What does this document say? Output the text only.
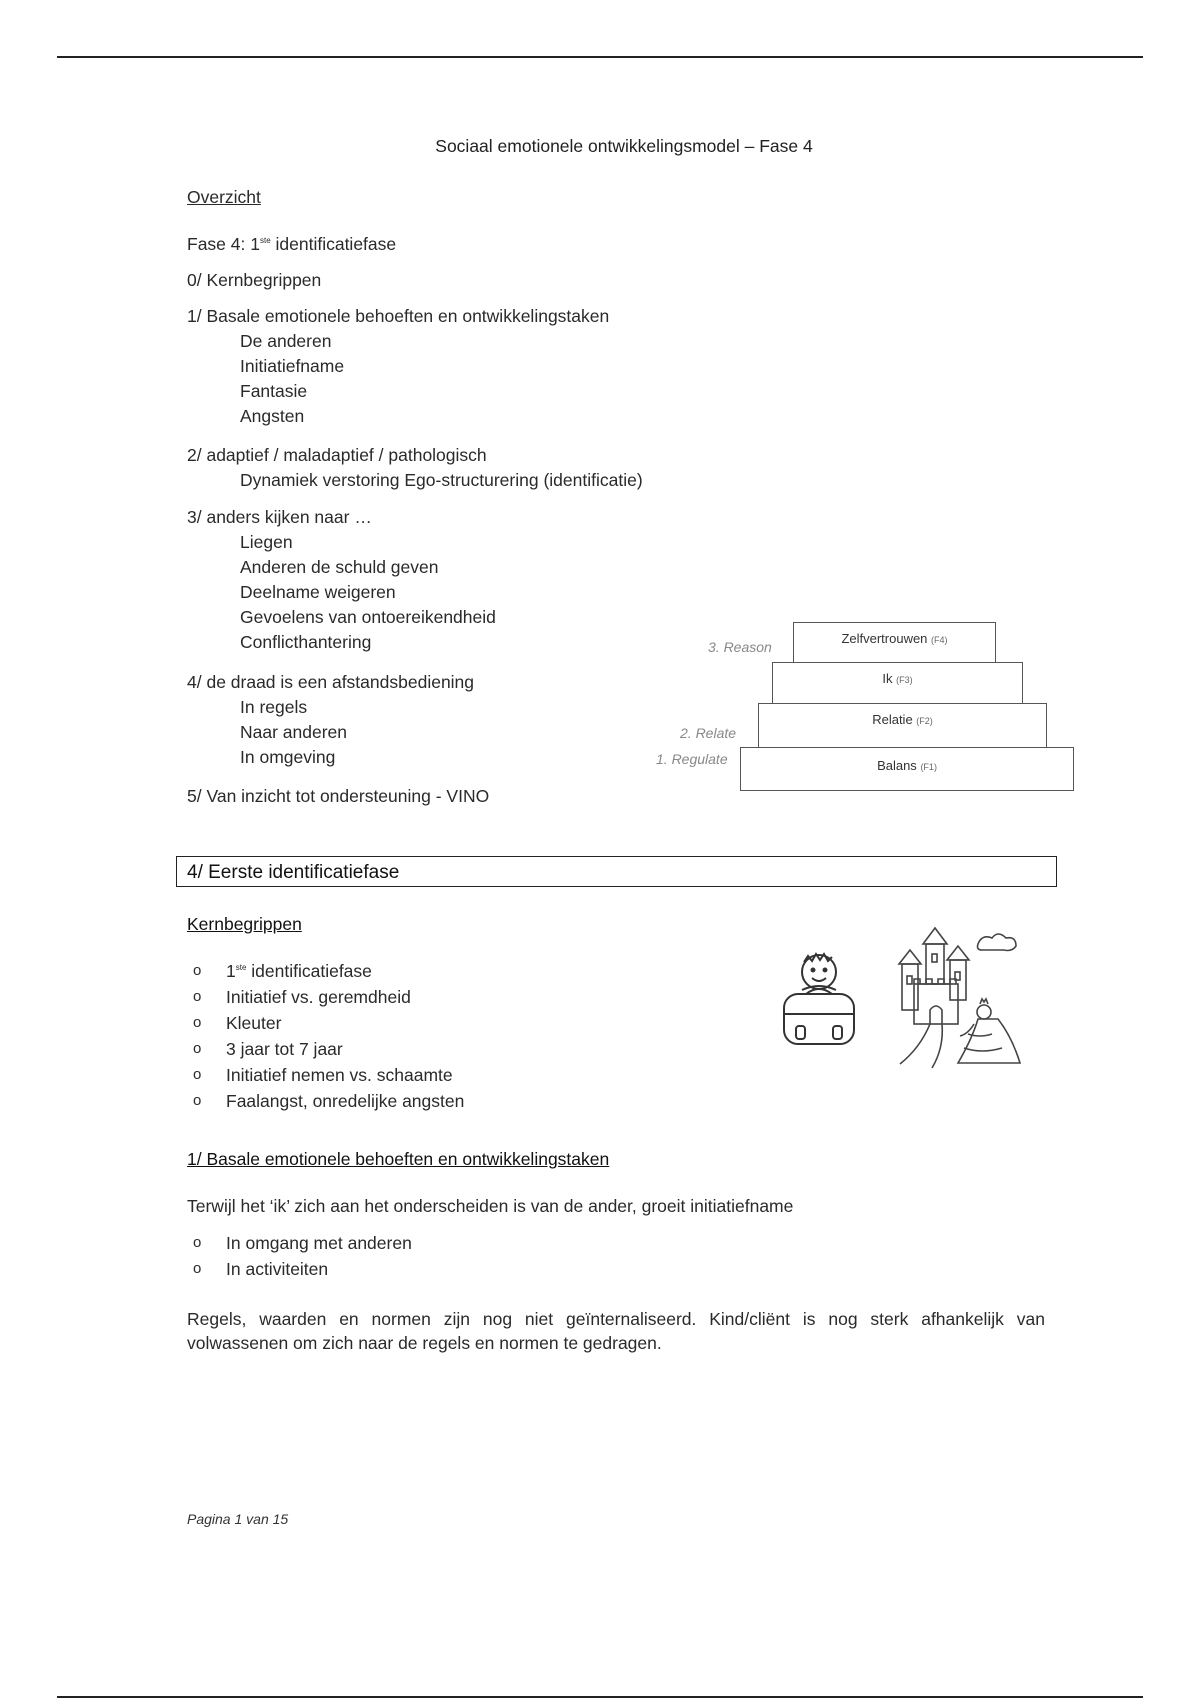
Sociaal emotionele ontwikkelingsmodel – Fase 4
Overzicht
Fase 4: 1ste identificatiefase
0/ Kernbegrippen
1/ Basale emotionele behoeften en ontwikkelingstaken
De anderen
Initiatiefname
Fantasie
Angsten
2/ adaptief / maladaptief / pathologisch
Dynamiek verstoring Ego-structurering (identificatie)
3/ anders kijken naar …
Liegen
Anderen de schuld geven
Deelname weigeren
Gevoelens van ontoereikendheid
Conflicthantering
4/ de draad is een afstandsbediening
In regels
Naar anderen
In omgeving
5/ Van inzicht tot ondersteuning - VINO
Zelfvertrouwen (F4)
Ik (F3)
Relatie (F2)
Balans (F1)
3. Reason
2. Relate
1. Regulate
4/ Eerste identificatiefase
Kernbegrippen
o 1ste identificatiefase
o Initiatief vs. geremdheid
o Kleuter
o 3 jaar tot 7 jaar
o Initiatief nemen vs. schaamte
o Faalangst, onredelijke angsten
1/ Basale emotionele behoeften en ontwikkelingstaken
Terwijl het ‘ik’ zich aan het onderscheiden is van de ander, groeit initiatiefname
o In omgang met anderen
o In activiteiten
Regels, waarden en normen zijn nog niet geïnternaliseerd. Kind/cliënt is nog sterk afhankelijk van volwassenen om zich naar de regels en normen te gedragen.
Pagina 1 van 15
